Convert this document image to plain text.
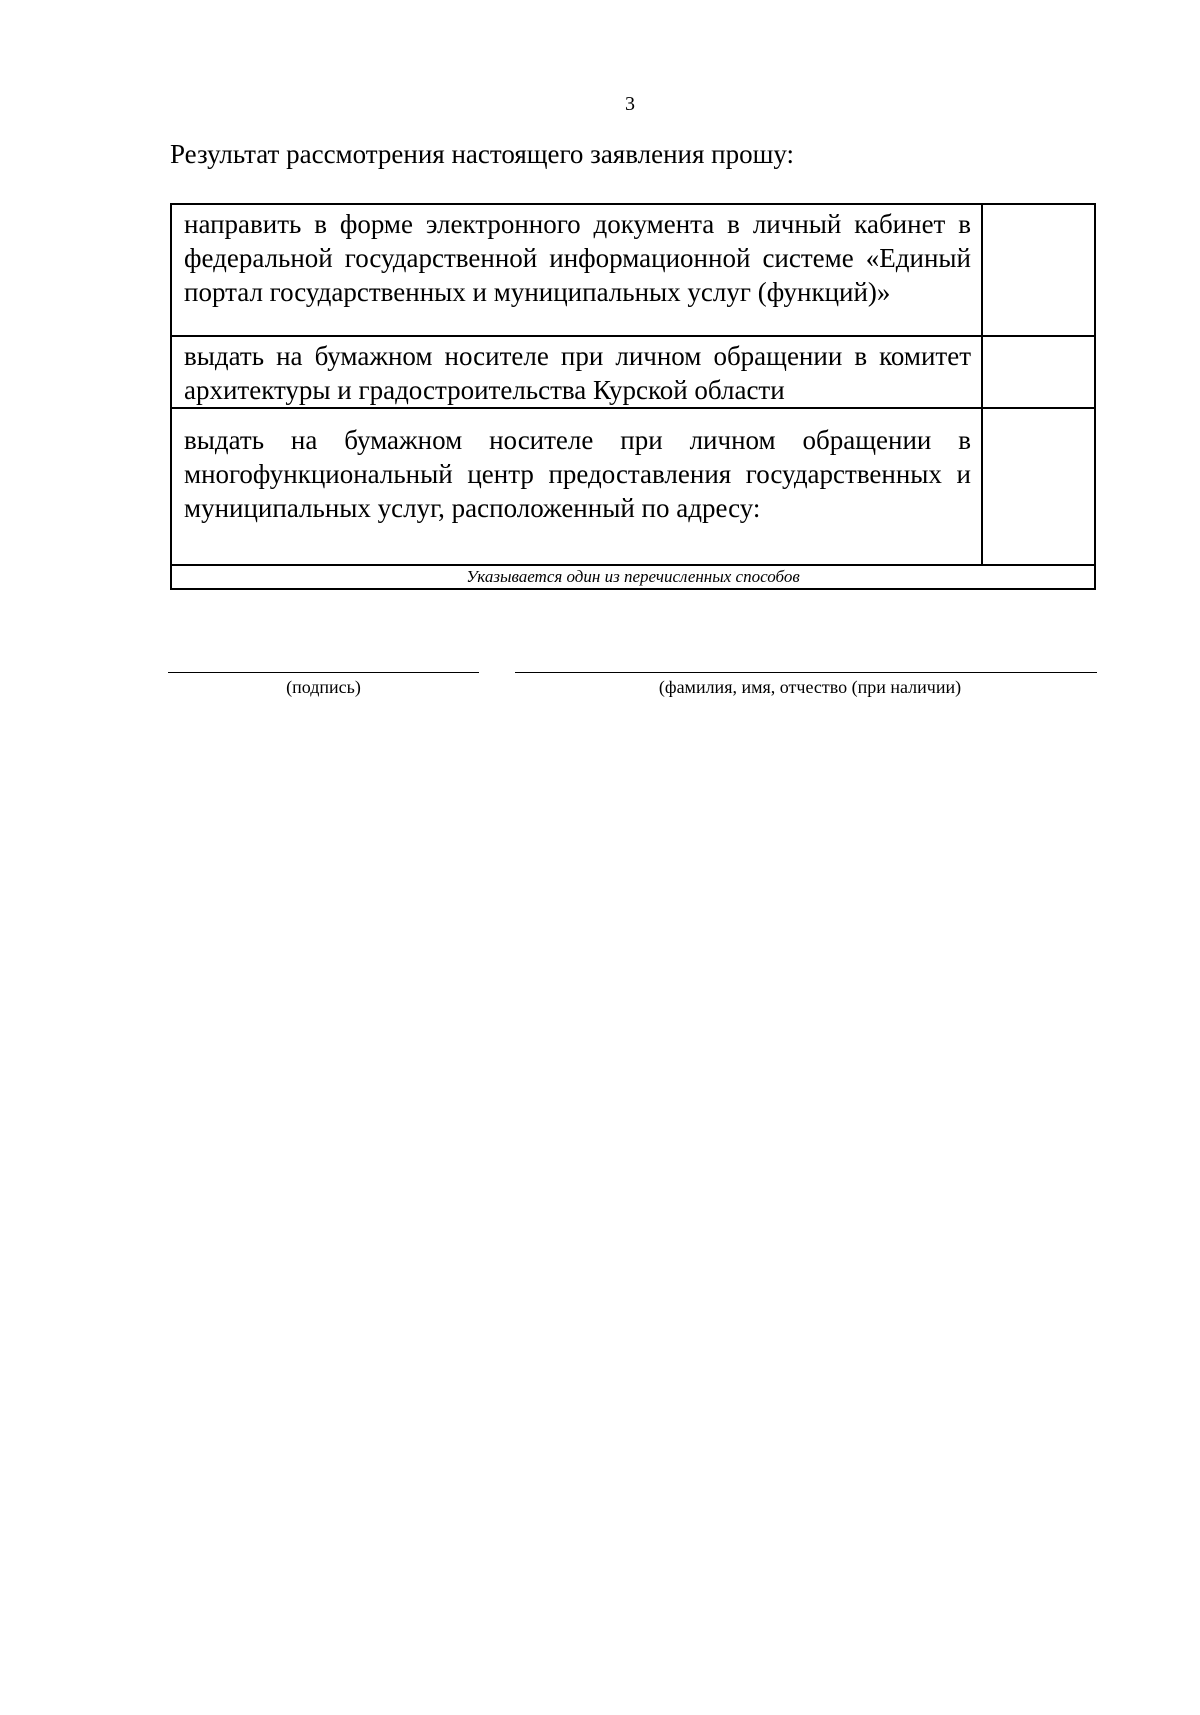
3
Результат рассмотрения настоящего заявления прошу:
направить в форме электронного документа в личный кабинет в федеральной государственной информационной системе «Единый портал государственных и муниципальных услуг (функций)»	

выдать на бумажном носителе при личном обращении в комитет архитектуры и градостроительства Курской области	

выдать на бумажном носителе при личном обращении в многофункциональный центр предоставления государственных и муниципальных услуг, расположенный по адресу:	

Указывается один из перечисленных способов	
(подпись)	(фамилия, имя, отчество (при наличии)
